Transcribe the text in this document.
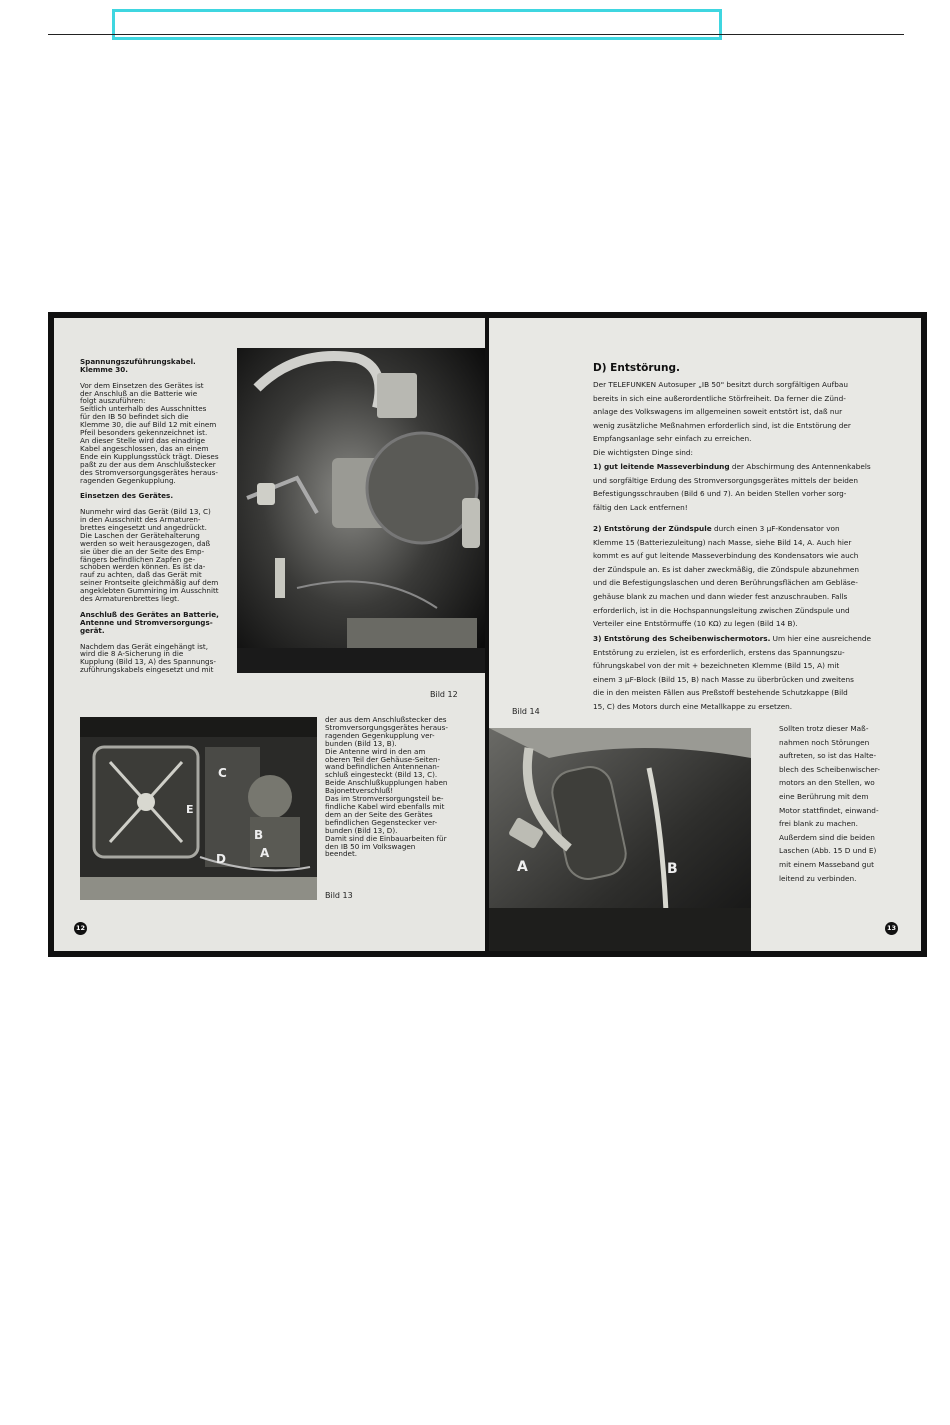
Spannungszuführungskabel.
Klemme 30.

Vor dem Einsetzen des Gerätes ist
der Anschluß an die Batterie wie
folgt auszuführen:
Seitlich unterhalb des Ausschnittes
für den IB 50 befindet sich die
Klemme 30, die auf Bild 12 mit einem
Pfeil besonders gekennzeichnet ist.
An dieser Stelle wird das einadrige
Kabel angeschlossen, das an einem
Ende ein Kupplungsstück trägt. Dieses
paßt zu der aus dem Anschlußstecker
des Stromversorgungsgerätes heraus-
ragenden Gegenkupplung.

Einsetzen des Gerätes.

Nunmehr wird das Gerät (Bild 13, C)
in den Ausschnitt des Armaturen-
brettes eingesetzt und angedrückt.
Die Laschen der Gerätehalterung
werden so weit herausgezogen, daß
sie über die an der Seite des Emp-
fängers befindlichen Zapfen ge-
schoben werden können. Es ist da-
rauf zu achten, daß das Gerät mit
seiner Frontseite gleichmäßig auf dem
angeklebten Gummiring im Ausschnitt
des Armaturenbrettes liegt.

Anschluß des Gerätes an Batterie,
Antenne und Stromversorgungs-
gerät.

Nachdem das Gerät eingehängt ist,
wird die 8 A-Sicherung in die
Kupplung (Bild 13, A) des Spannungs-
zuführungskabels eingesetzt und mit

Bild 12
C
E
B
A
D
der aus dem Anschlußstecker des
Stromversorgungsgerätes heraus-
ragenden Gegenkupplung ver-
bunden (Bild 13, B).
Die Antenne wird in den am
oberen Teil der Gehäuse-Seiten-
wand befindlichen Antennenan-
schluß eingesteckt (Bild 13, C).
Beide Anschlußkupplungen haben
Bajonettverschluß!
Das im Stromversorgungsteil be-
findliche Kabel wird ebenfalls mit
dem an der Seite des Gerätes
befindlichen Gegenstecker ver-
bunden (Bild 13, D).
Damit sind die Einbauarbeiten für
den IB 50 im Volkswagen
beendet.
Bild 13
12
D) Entstörung.
Der TELEFUNKEN Autosuper „IB 50" besitzt durch sorgfältigen Aufbau
bereits in sich eine außerordentliche Störfreiheit. Da ferner die Zünd-
anlage des Volkswagens im allgemeinen soweit entstört ist, daß nur
wenig zusätzliche Meßnahmen erforderlich sind, ist die Entstörung der
Empfangsanlage sehr einfach zu erreichen.
Die wichtigsten Dinge sind:
1) gut leitende Masseverbindung der Abschirmung des Antennenkabels
und sorgfältige Erdung des Stromversorgungsgerätes mittels der beiden
Befestigungsschrauben (Bild 6 und 7). An beiden Stellen vorher sorg-
fältig den Lack entfernen!
2) Entstörung der Zündspule durch einen 3 µF-Kondensator von
Klemme 15 (Batteriezuleitung) nach Masse, siehe Bild 14, A. Auch hier
kommt es auf gut leitende Masseverbindung des Kondensators wie auch
der Zündspule an. Es ist daher zweckmäßig, die Zündspule abzunehmen
und die Befestigungslaschen und deren Berührungsflächen am Gebläse-
gehäuse blank zu machen und dann wieder fest anzuschrauben. Falls
erforderlich, ist in die Hochspannungsleitung zwischen Zündspule und
Verteiler eine Entstörmuffe (10 KΩ) zu legen (Bild 14 B).
3) Entstörung des Scheibenwischermotors. Um hier eine ausreichende
Entstörung zu erzielen, ist es erforderlich, erstens das Spannungszu-
führungskabel von der mit + bezeichneten Klemme (Bild 15, A) mit
einem 3 µF-Block (Bild 15, B) nach Masse zu überbrücken und zweitens
die in den meisten Fällen aus Preßstoff bestehende Schutzkappe (Bild
15, C) des Motors durch eine Metallkappe zu ersetzen.
Bild 14
A	B
Sollten trotz dieser Maß-
nahmen noch Störungen
auftreten, so ist das Halte-
blech des Scheibenwischer-
motors an den Stellen, wo
eine Berührung mit dem
Motor stattfindet, einwand-
frei blank zu machen.
Außerdem sind die beiden
Laschen (Abb. 15 D und E)
mit einem Masseband gut
leitend zu verbinden.
13
